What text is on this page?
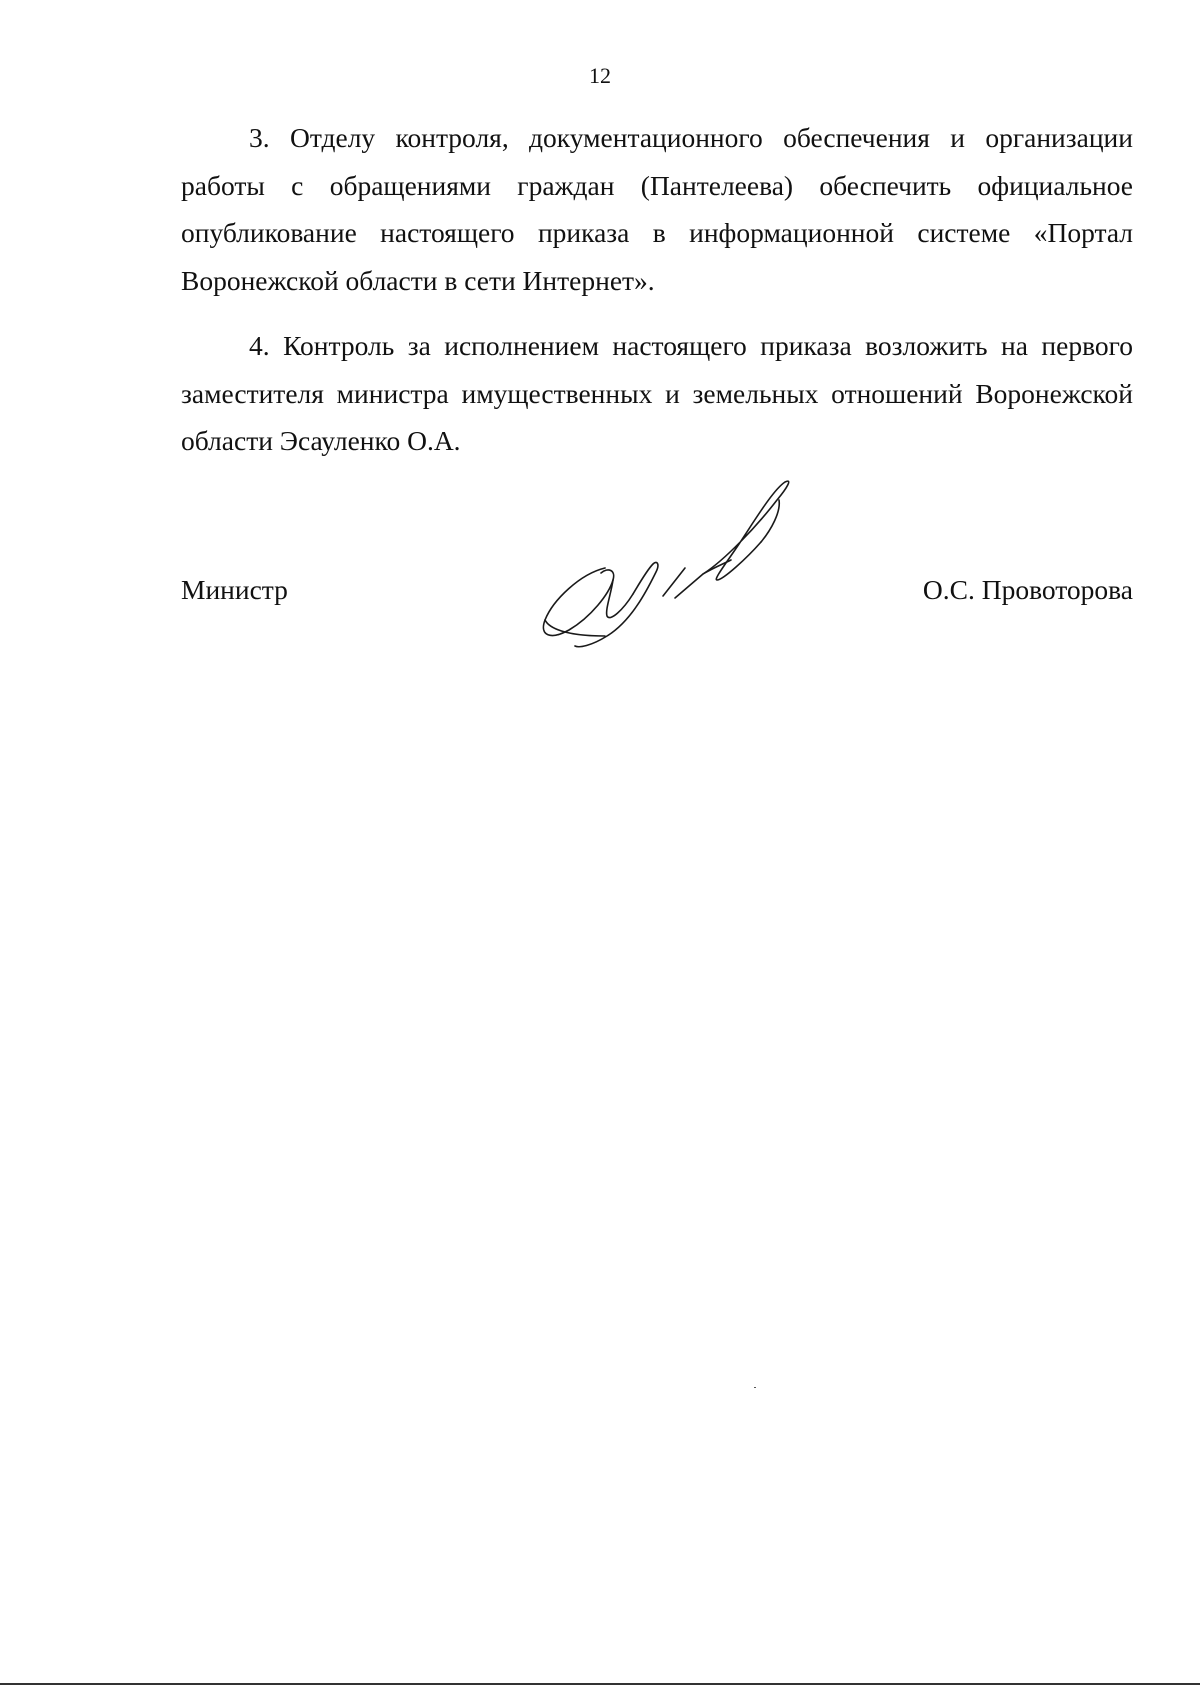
12

3. Отделу контроля, документационного обеспечения и организации работы с обращениями граждан (Пантелеева) обеспечить официальное опубликование настоящего приказа в информационной системе «Портал Воронежской области в сети Интернет».

4. Контроль за исполнением настоящего приказа возложить на первого заместителя министра имущественных и земельных отношений Воронежской области Эсауленко О.А.

Министр	О.С. Провоторова
